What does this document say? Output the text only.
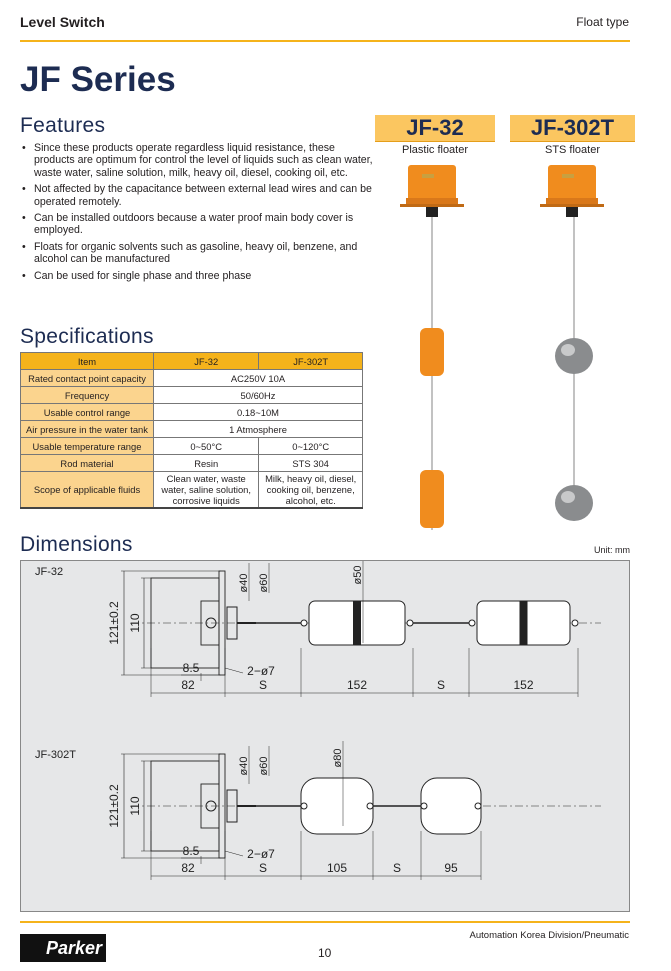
Level Switch	Float type
JF Series
Features
• Since these products operate regardless liquid resistance, these products are optimum for control the level of liquids such as clean water, waste water, saline solution, milk, heavy oil, diesel, cooking oil, etc.
• Not affected by the capacitance between external lead wires and can be operated remotely.
• Can be installed outdoors because a water proof main body cover is employed.
• Floats for organic solvents such as gasoline, heavy oil, benzene, and alcohol can be manufactured
• Can be used for single phase and three phase
JF-32
Plastic floater
JF-302T
STS floater
Specifications
Item	JF-32	JF-302T
Rated contact point capacity	AC250V 10A	
Frequency	50/60Hz	
Usable control range	0.18~10M	
Air pressure in the water tank	1 Atmosphere	
Usable temperature range	0~50°C	0~120°C
Rod material	Resin	STS 304
Scope of applicable fluids	Clean water, waste water, saline solution, corrosive liquids	Milk, heavy oil, diesel, cooking oil, benzene, alcohol, etc.
Dimensions	Unit: mm
JF-32
121±0.2 110
ø40 ø60	ø50
82	S	152	S	152
8.5	2−ø7
JF-302T
121±0.2 110
ø40 ø60	ø80
82	S	105	S	95
8.5	2−ø7
Parker
Automation Korea Division/Pneumatic
10
